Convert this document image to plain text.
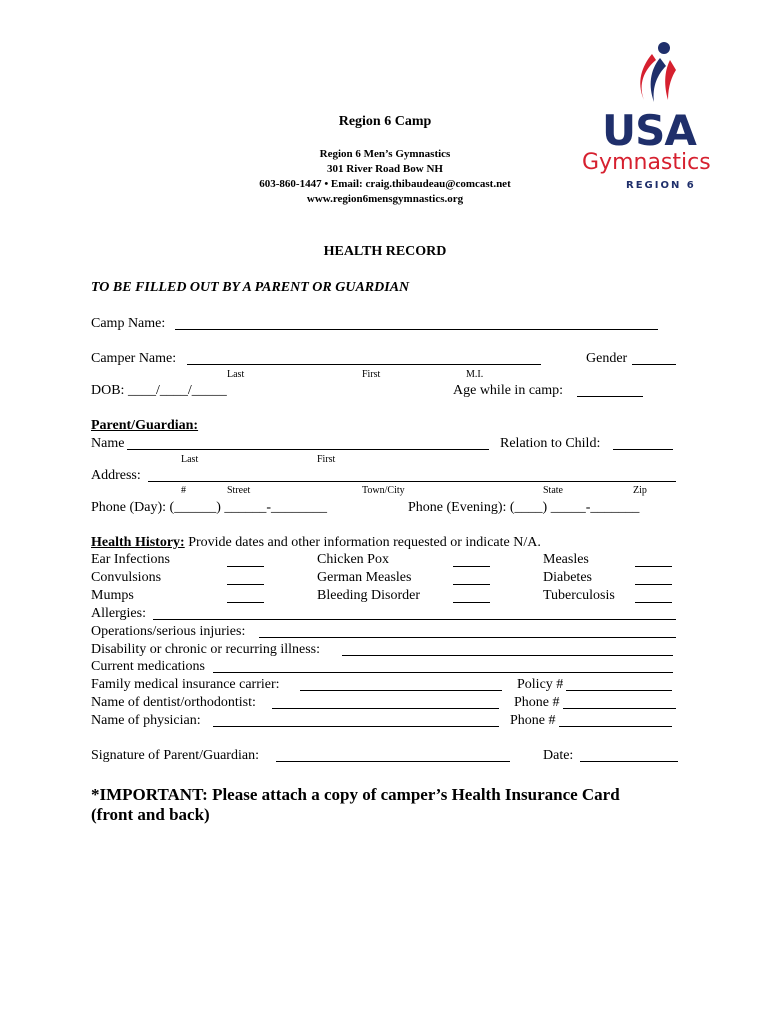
USA
Gymnastics
REGION 6
Region 6 Camp
Region 6 Men’s Gymnastics
301 River Road Bow NH
603-860-1447 • Email: craig.thibaudeau@comcast.net
www.region6mensgymnastics.org
HEALTH RECORD
TO BE FILLED OUT BY A PARENT OR GUARDIAN
Camp Name:
Camper Name:	Gender
Last	First	M.I.
DOB: ____/____/_____	Age while in camp:
Parent/Guardian:
Name	Relation to Child:
Last	First
Address:
#	Street	Town/City	State	Zip
Phone (Day): (______) ______-________	Phone (Evening): (____) _____-_______
Health History: Provide dates and other information requested or indicate N/A.
Ear Infections	Chicken Pox	Measles
Convulsions	German Measles	Diabetes
Mumps	Bleeding Disorder	Tuberculosis
Allergies:
Operations/serious injuries:
Disability or chronic or recurring illness:
Current medications
Family medical insurance carrier:	Policy #
Name of dentist/orthodontist:	Phone #
Name of physician:	Phone #
Signature of Parent/Guardian:	Date:
*IMPORTANT: Please attach a copy of camper’s Health Insurance Card
(front and back)
